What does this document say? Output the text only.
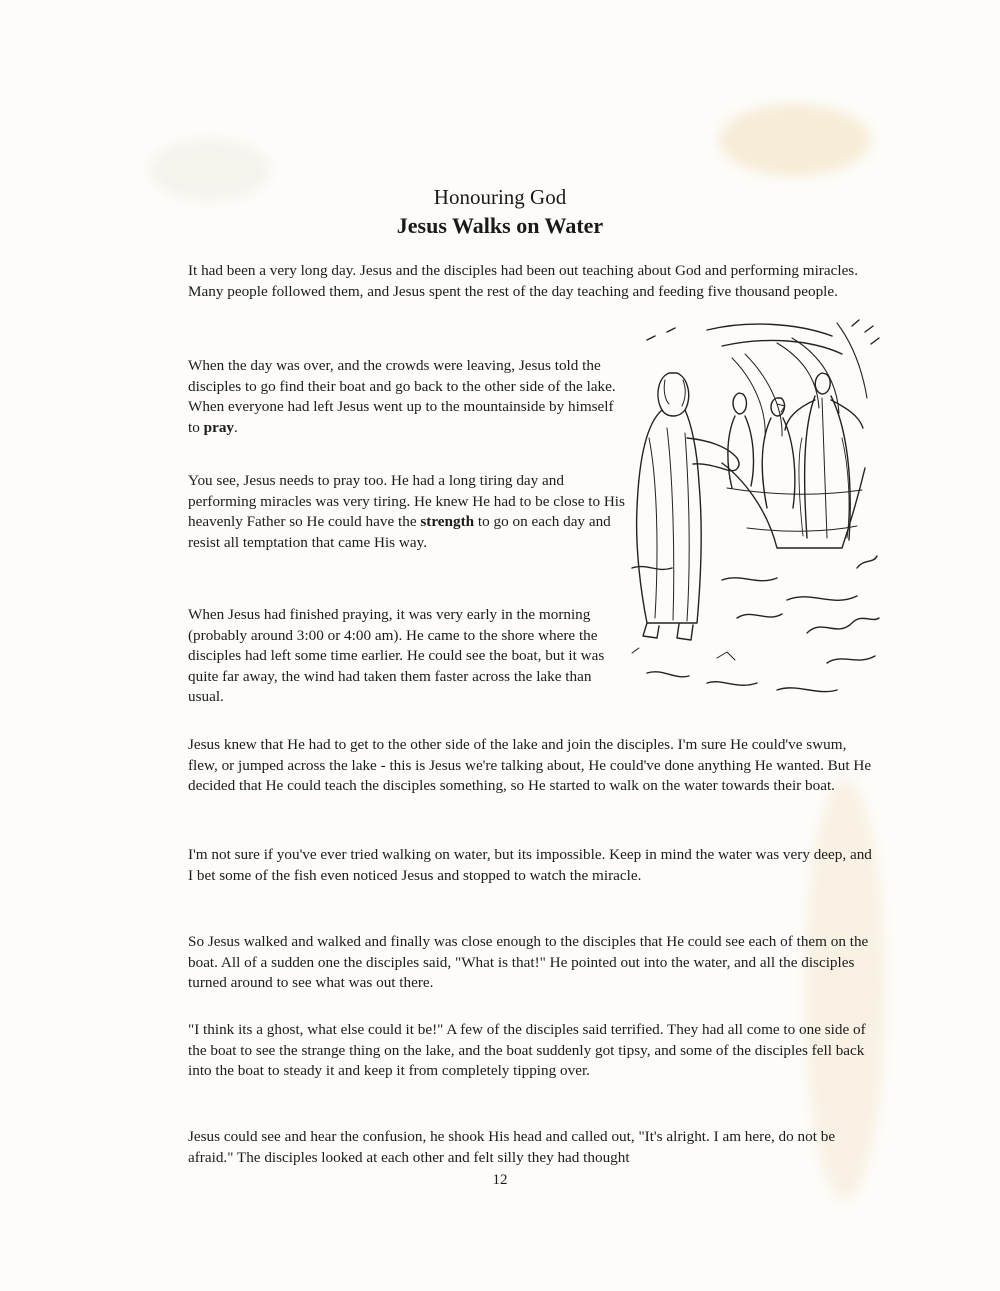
Honouring God
Jesus Walks on Water

It had been a very long day. Jesus and the disciples had been out teaching about God and performing miracles. Many people followed them, and Jesus spent the rest of the day teaching and feeding five thousand people.

When the day was over, and the crowds were leaving, Jesus told the disciples to go find their boat and go back to the other side of the lake. When everyone had left Jesus went up to the mountainside by himself to pray.

You see, Jesus needs to pray too. He had a long tiring day and performing miracles was very tiring. He knew He had to be close to His heavenly Father so He could have the strength to go on each day and resist all temptation that came His way.

When Jesus had finished praying, it was very early in the morning (probably around 3:00 or 4:00 am). He came to the shore where the disciples had left some time earlier. He could see the boat, but it was quite far away, the wind had taken them faster across the lake than usual.

Jesus knew that He had to get to the other side of the lake and join the disciples. I'm sure He could've swum, flew, or jumped across the lake - this is Jesus we're talking about, He could've done anything He wanted. But He decided that He could teach the disciples something, so He started to walk on the water towards their boat.

I'm not sure if you've ever tried walking on water, but its impossible. Keep in mind the water was very deep, and I bet some of the fish even noticed Jesus and stopped to watch the miracle.

So Jesus walked and walked and finally was close enough to the disciples that He could see each of them on the boat. All of a sudden one the disciples said, "What is that!" He pointed out into the water, and all the disciples turned around to see what was out there.

"I think its a ghost, what else could it be!" A few of the disciples said terrified. They had all come to one side of the boat to see the strange thing on the lake, and the boat suddenly got tipsy, and some of the disciples fell back into the boat to steady it and keep it from completely tipping over.

Jesus could see and hear the confusion, he shook His head and called out, "It's alright. I am here, do not be afraid." The disciples looked at each other and felt silly they had thought

12
